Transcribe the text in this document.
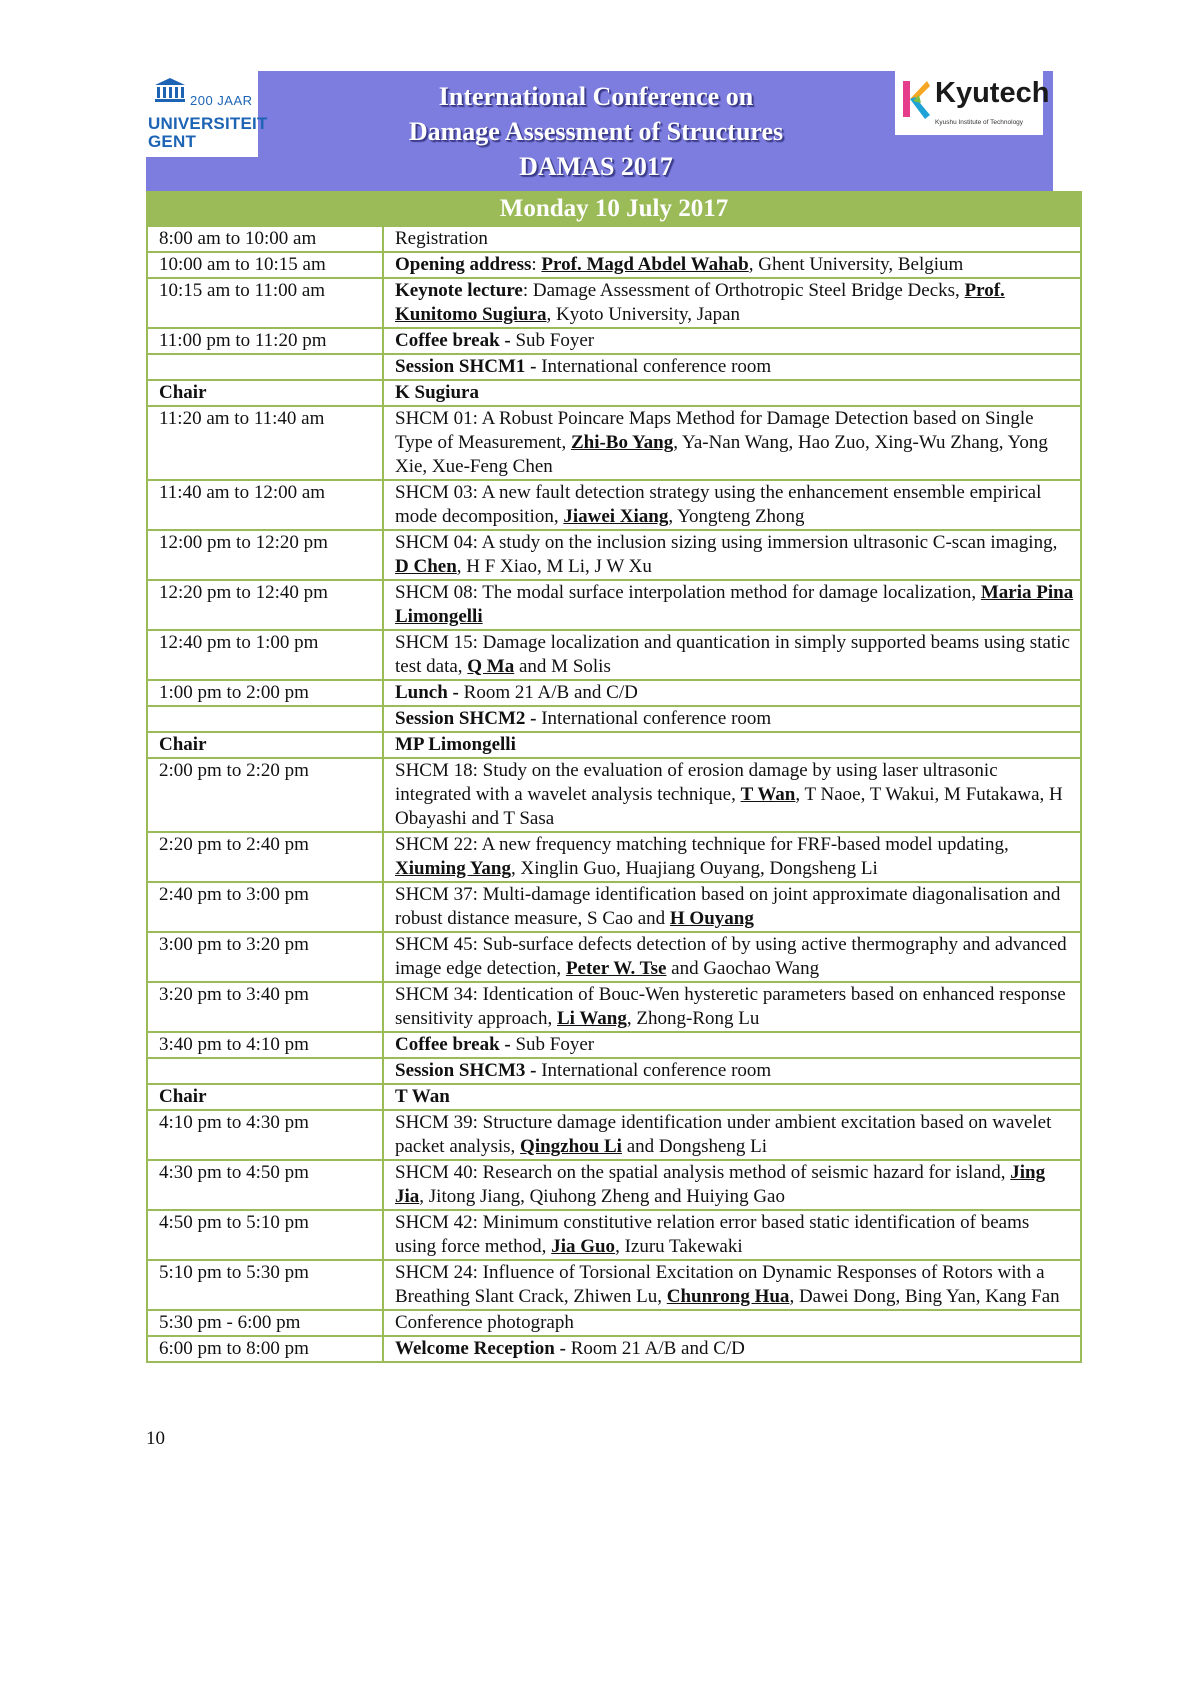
200 JAAR
UNIVERSITEIT
GENT
International Conference on
Damage Assessment of Structures
DAMAS 2017
Kyutech
Kyushu Institute of Technology
Monday 10 July 2017	
8:00 am to 10:00 am	Registration
10:00 am to 10:15 am	Opening address: Prof. Magd Abdel Wahab, Ghent University, Belgium
10:15 am to 11:00 am	Keynote lecture: Damage Assessment of Orthotropic Steel Bridge Decks, Prof. Kunitomo Sugiura, Kyoto University, Japan
11:00 pm to 11:20 pm	Coffee break - Sub Foyer
	Session SHCM1 - International conference room
Chair	K Sugiura
11:20 am to 11:40 am	SHCM 01: A Robust Poincare Maps Method for Damage Detection based on Single Type of Measurement, Zhi-Bo Yang, Ya-Nan Wang, Hao Zuo, Xing-Wu Zhang, Yong Xie, Xue-Feng Chen
11:40 am to 12:00 am	SHCM 03: A new fault detection strategy using the enhancement ensemble empirical mode decomposition, Jiawei Xiang, Yongteng Zhong
12:00 pm to 12:20 pm	SHCM 04: A study on the inclusion sizing using immersion ultrasonic C-scan imaging, D Chen, H F Xiao, M Li, J W Xu
12:20 pm to 12:40 pm	SHCM 08: The modal surface interpolation method for damage localization, Maria Pina Limongelli
12:40 pm to 1:00 pm	SHCM 15: Damage localization and quantication in simply supported beams using static test data, Q Ma and M Solis
1:00 pm to 2:00 pm	Lunch - Room 21 A/B and C/D
	Session SHCM2 - International conference room
Chair	MP Limongelli
2:00 pm to 2:20 pm	SHCM 18: Study on the evaluation of erosion damage by using laser ultrasonic integrated with a wavelet analysis technique, T Wan, T Naoe, T Wakui, M Futakawa, H Obayashi and T Sasa
2:20 pm to 2:40 pm	SHCM 22: A new frequency matching technique for FRF-based model updating, Xiuming Yang, Xinglin Guo, Huajiang Ouyang, Dongsheng Li
2:40 pm to 3:00 pm	SHCM 37: Multi-damage identification based on joint approximate diagonalisation and robust distance measure, S Cao and H Ouyang
3:00 pm to 3:20 pm	SHCM 45: Sub-surface defects detection of by using active thermography and advanced image edge detection, Peter W. Tse and Gaochao Wang
3:20 pm to 3:40 pm	SHCM 34: Identication of Bouc-Wen hysteretic parameters based on enhanced response sensitivity approach, Li Wang, Zhong-Rong Lu
3:40 pm to 4:10 pm	Coffee break - Sub Foyer
	Session SHCM3 - International conference room
Chair	T Wan
4:10 pm to 4:30 pm	SHCM 39: Structure damage identification under ambient excitation based on wavelet packet analysis, Qingzhou Li and Dongsheng Li
4:30 pm to 4:50 pm	SHCM 40: Research on the spatial analysis method of seismic hazard for island, Jing Jia, Jitong Jiang, Qiuhong Zheng and Huiying Gao
4:50 pm to 5:10 pm	SHCM 42: Minimum constitutive relation error based static identification of beams using force method, Jia Guo, Izuru Takewaki
5:10 pm to 5:30 pm	SHCM 24: Influence of Torsional Excitation on Dynamic Responses of Rotors with a Breathing Slant Crack, Zhiwen Lu, Chunrong Hua, Dawei Dong, Bing Yan, Kang Fan
5:30 pm - 6:00 pm	Conference photograph
6:00 pm to 8:00 pm	Welcome Reception - Room 21 A/B and C/D
10
